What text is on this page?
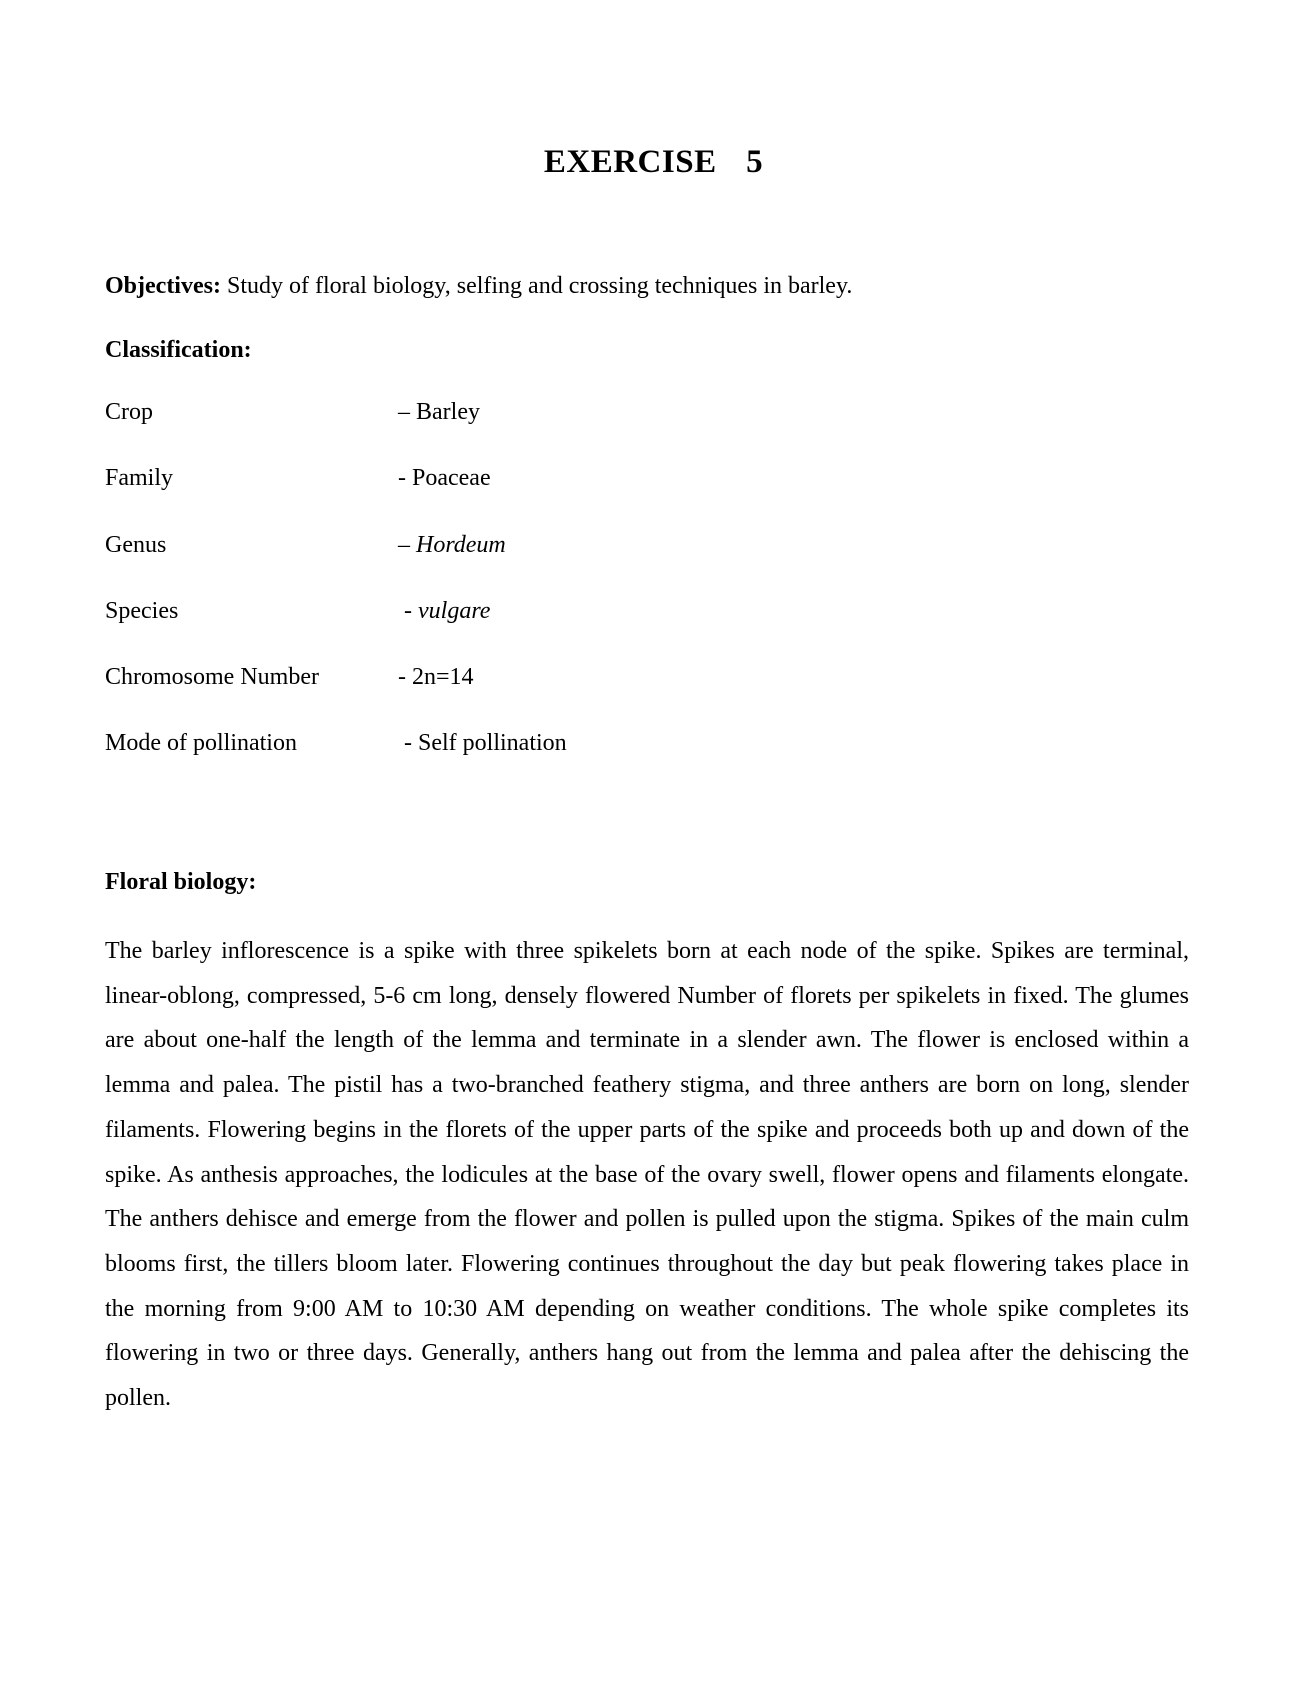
EXERCISE  5

Objectives: Study of floral biology, selfing and crossing techniques in barley.

Classification:

Crop	– Barley
Family	- Poaceae
Genus	– Hordeum
Species	- vulgare
Chromosome Number	- 2n=14
Mode of pollination	- Self pollination

Floral biology:

The barley inflorescence is a spike with three spikelets born at each node of the spike. Spikes are terminal, linear-oblong, compressed, 5-6 cm long, densely flowered Number of florets per spikelets in fixed. The glumes are about one-half the length of the lemma and terminate in a slender awn. The flower is enclosed within a lemma and palea. The pistil has a two-branched feathery stigma, and three anthers are born on long, slender filaments. Flowering begins in the florets of the upper parts of the spike and proceeds both up and down of the spike. As anthesis approaches, the lodicules at the base of the ovary swell, flower opens and filaments elongate. The anthers dehisce and emerge from the flower and pollen is pulled upon the stigma. Spikes of the main culm blooms first, the tillers bloom later. Flowering continues throughout the day but peak flowering takes place in the morning from 9:00 AM to 10:30 AM depending on weather conditions. The whole spike completes its flowering in two or three days. Generally, anthers hang out from the lemma and palea after the dehiscing the pollen.
